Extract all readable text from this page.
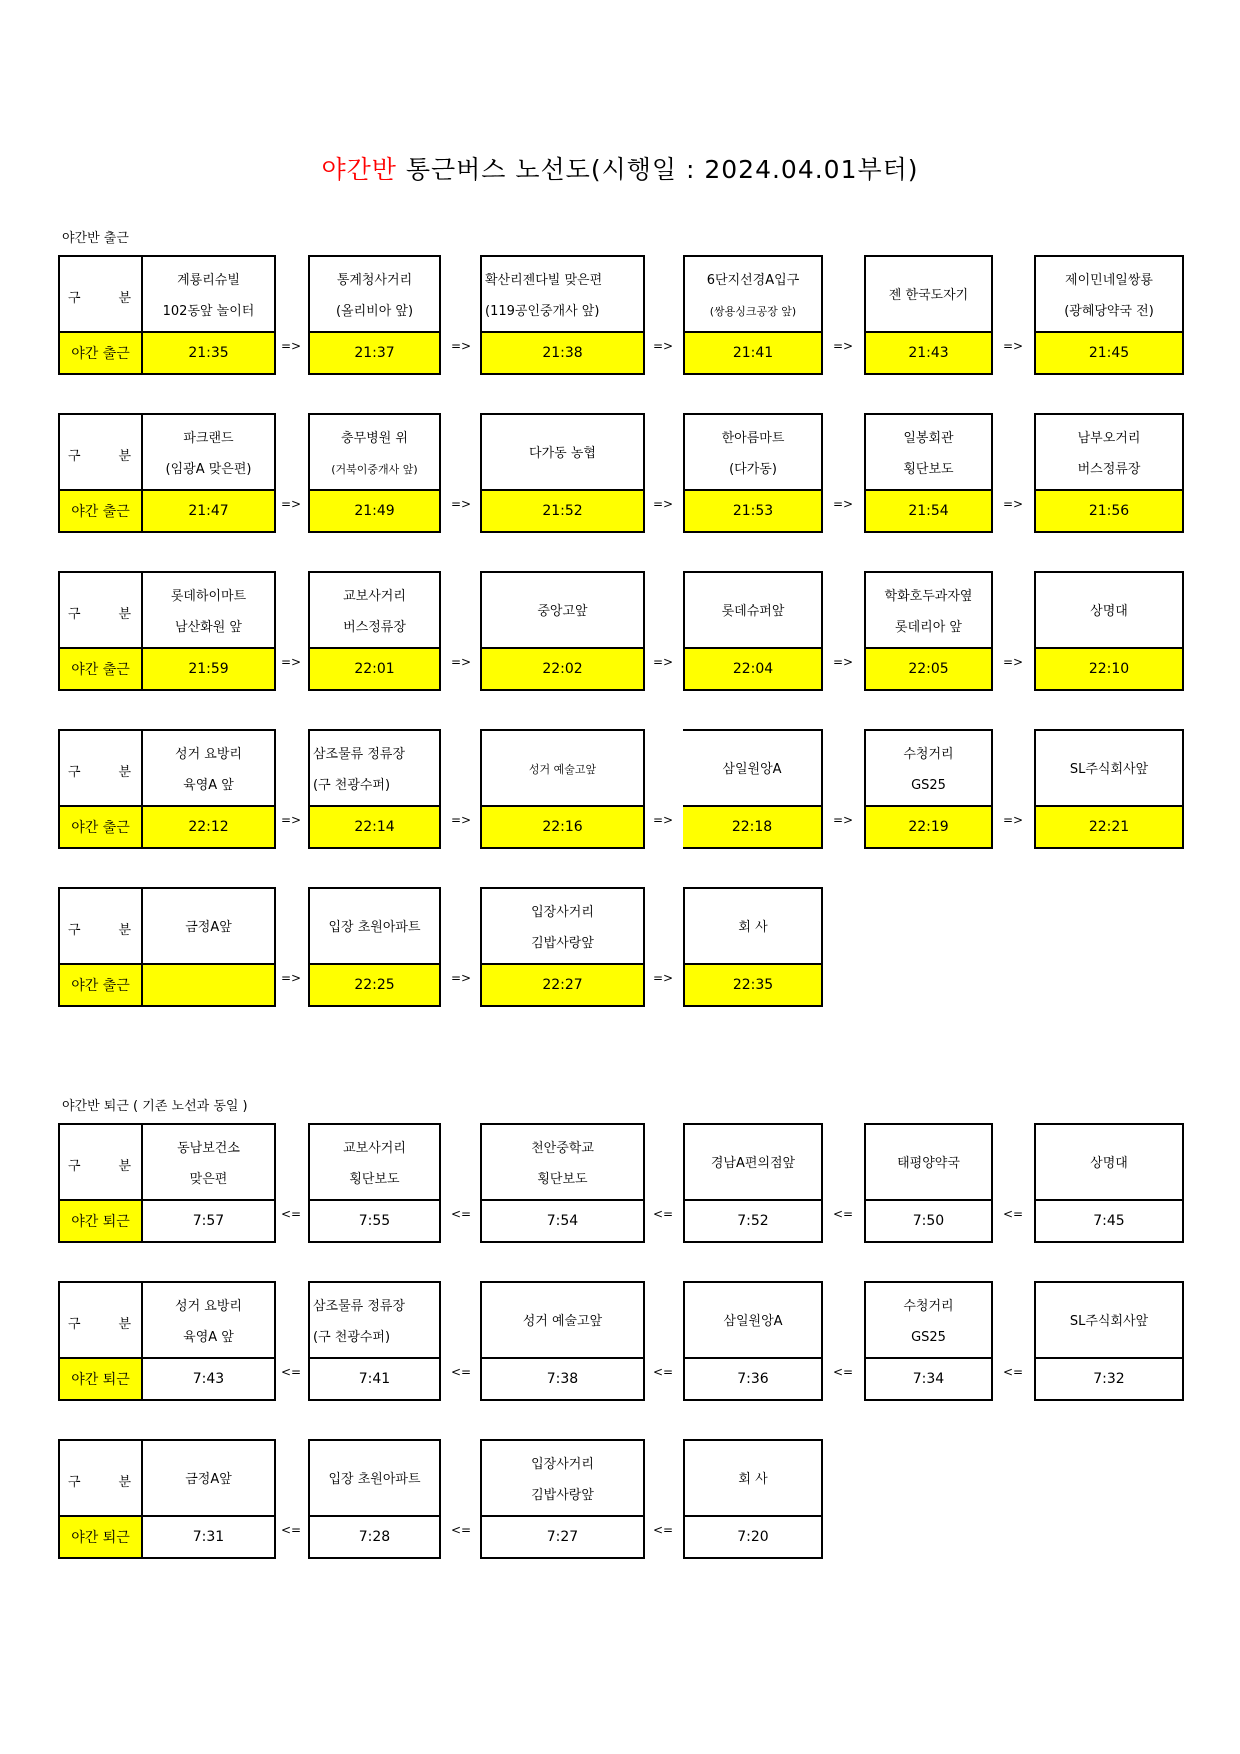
야간반 통근버스 노선도(시행일 : 2024.04.01부터)
야간반 출근
구	분
야간 출근
계룡리슈빌
102동앞 놀이터
21:35	=>
통계청사거리
(올리비아 앞)
21:37	=>
확산리젠다빌 맞은편
(119공인중개사 앞)
21:38	=>
6단지선경A입구
(쌍용싱크공장 앞)
21:41	=>
젠 한국도자기
21:43	=>
제이민네일쌍룡
(광혜당약국 전)
21:45
구	분
야간 출근
파크랜드
(임광A 맞은편)
21:47	=>
충무병원 위
(거북이중개사 앞)
21:49	=>
다가동 농협
21:52	=>
한아름마트
(다가동)
21:53	=>
일봉회관
횡단보도
21:54	=>
남부오거리
버스정류장
21:56
구	분
야간 출근
롯데하이마트
남산화원 앞
21:59	=>
교보사거리
버스정류장
22:01	=>
중앙고앞
22:02	=>
롯데슈퍼앞
22:04	=>
학화호두과자옆
롯데리아 앞
22:05	=>
상명대
22:10
구	분
야간 출근
성거 요방리
육영A 앞
22:12	=>
삼조물류 정류장
(구 천광수퍼)
22:14	=>
성거 예술고앞
22:16	=>
삼일원앙A
22:18	=>
수청거리
GS25
22:19	=>
SL주식회사앞
22:21
구	분
야간 출근
금정A앞
=>
입장 초원아파트
22:25	=>
입장사거리
김밥사랑앞
22:27	=>
회 사
22:35
야간반 퇴근 ( 기존 노선과 동일 )
구	분
야간 퇴근
동남보건소
맞은편
7:57	<=
교보사거리
횡단보도
7:55	<=
천안중학교
횡단보도
7:54	<=
경남A편의점앞
7:52	<=
태평양약국
7:50	<=
상명대
7:45
구	분
야간 퇴근
성거 요방리
육영A 앞
7:43	<=
삼조물류 정류장
(구 천광수퍼)
7:41	<=
성거 예술고앞
7:38	<=
삼일원앙A
7:36	<=
수청거리
GS25
7:34	<=
SL주식회사앞
7:32
구	분
야간 퇴근
금정A앞
7:31	<=
입장 초원아파트
7:28	<=
입장사거리
김밥사랑앞
7:27	<=
회 사
7:20
